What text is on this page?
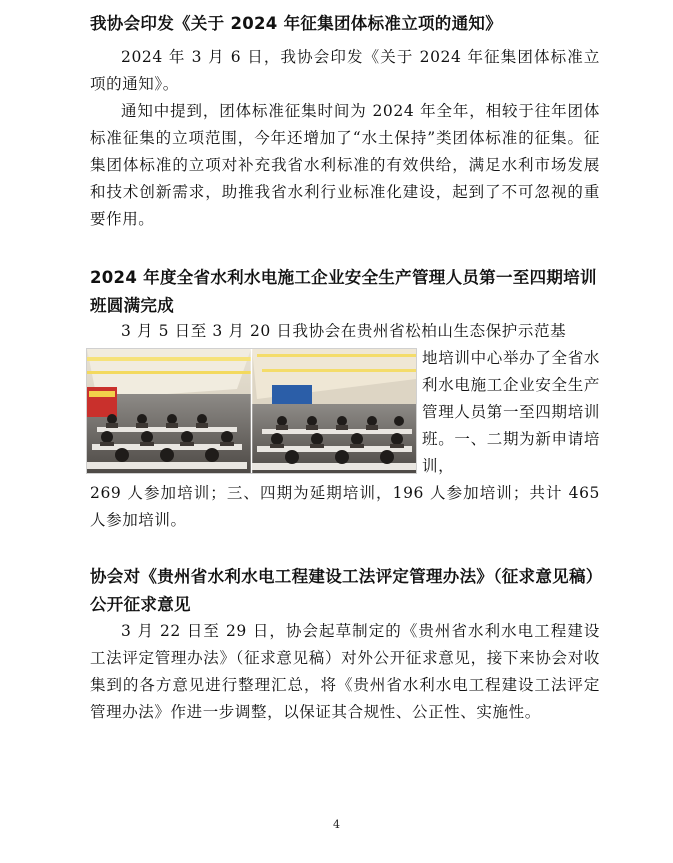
我协会印发《关于 2024 年征集团体标准立项的通知》
2024 年 3 月 6 日，我协会印发《关于 2024 年征集团体标准立项的通知》。
通知中提到，团体标准征集时间为 2024 年全年，相较于往年团体标准征集的立项范围，今年还增加了“水土保持”类团体标准的征集。征集团体标准的立项对补充我省水利标准的有效供给，满足水利市场发展和技术创新需求，助推我省水利行业标准化建设，起到了不可忽视的重要作用。
2024 年度全省水利水电施工企业安全生产管理人员第一至四期培训班圆满完成
3 月 5 日至 3 月 20 日我协会在贵州省松柏山生态保护示范基
地培训中心举办了全省水利水电施工企业安全生产管理人员第一至四期培训班。一、二期为新申请培训，
269 人参加培训；三、四期为延期培训，196 人参加培训；共计 465 人参加培训。
协会对《贵州省水利水电工程建设工法评定管理办法》（征求意见稿）公开征求意见
3 月 22 日至 29 日，协会起草制定的《贵州省水利水电工程建设工法评定管理办法》（征求意见稿）对外公开征求意见，接下来协会对收集到的各方意见进行整理汇总，将《贵州省水利水电工程建设工法评定管理办法》作进一步调整，以保证其合规性、公正性、实施性。
4
